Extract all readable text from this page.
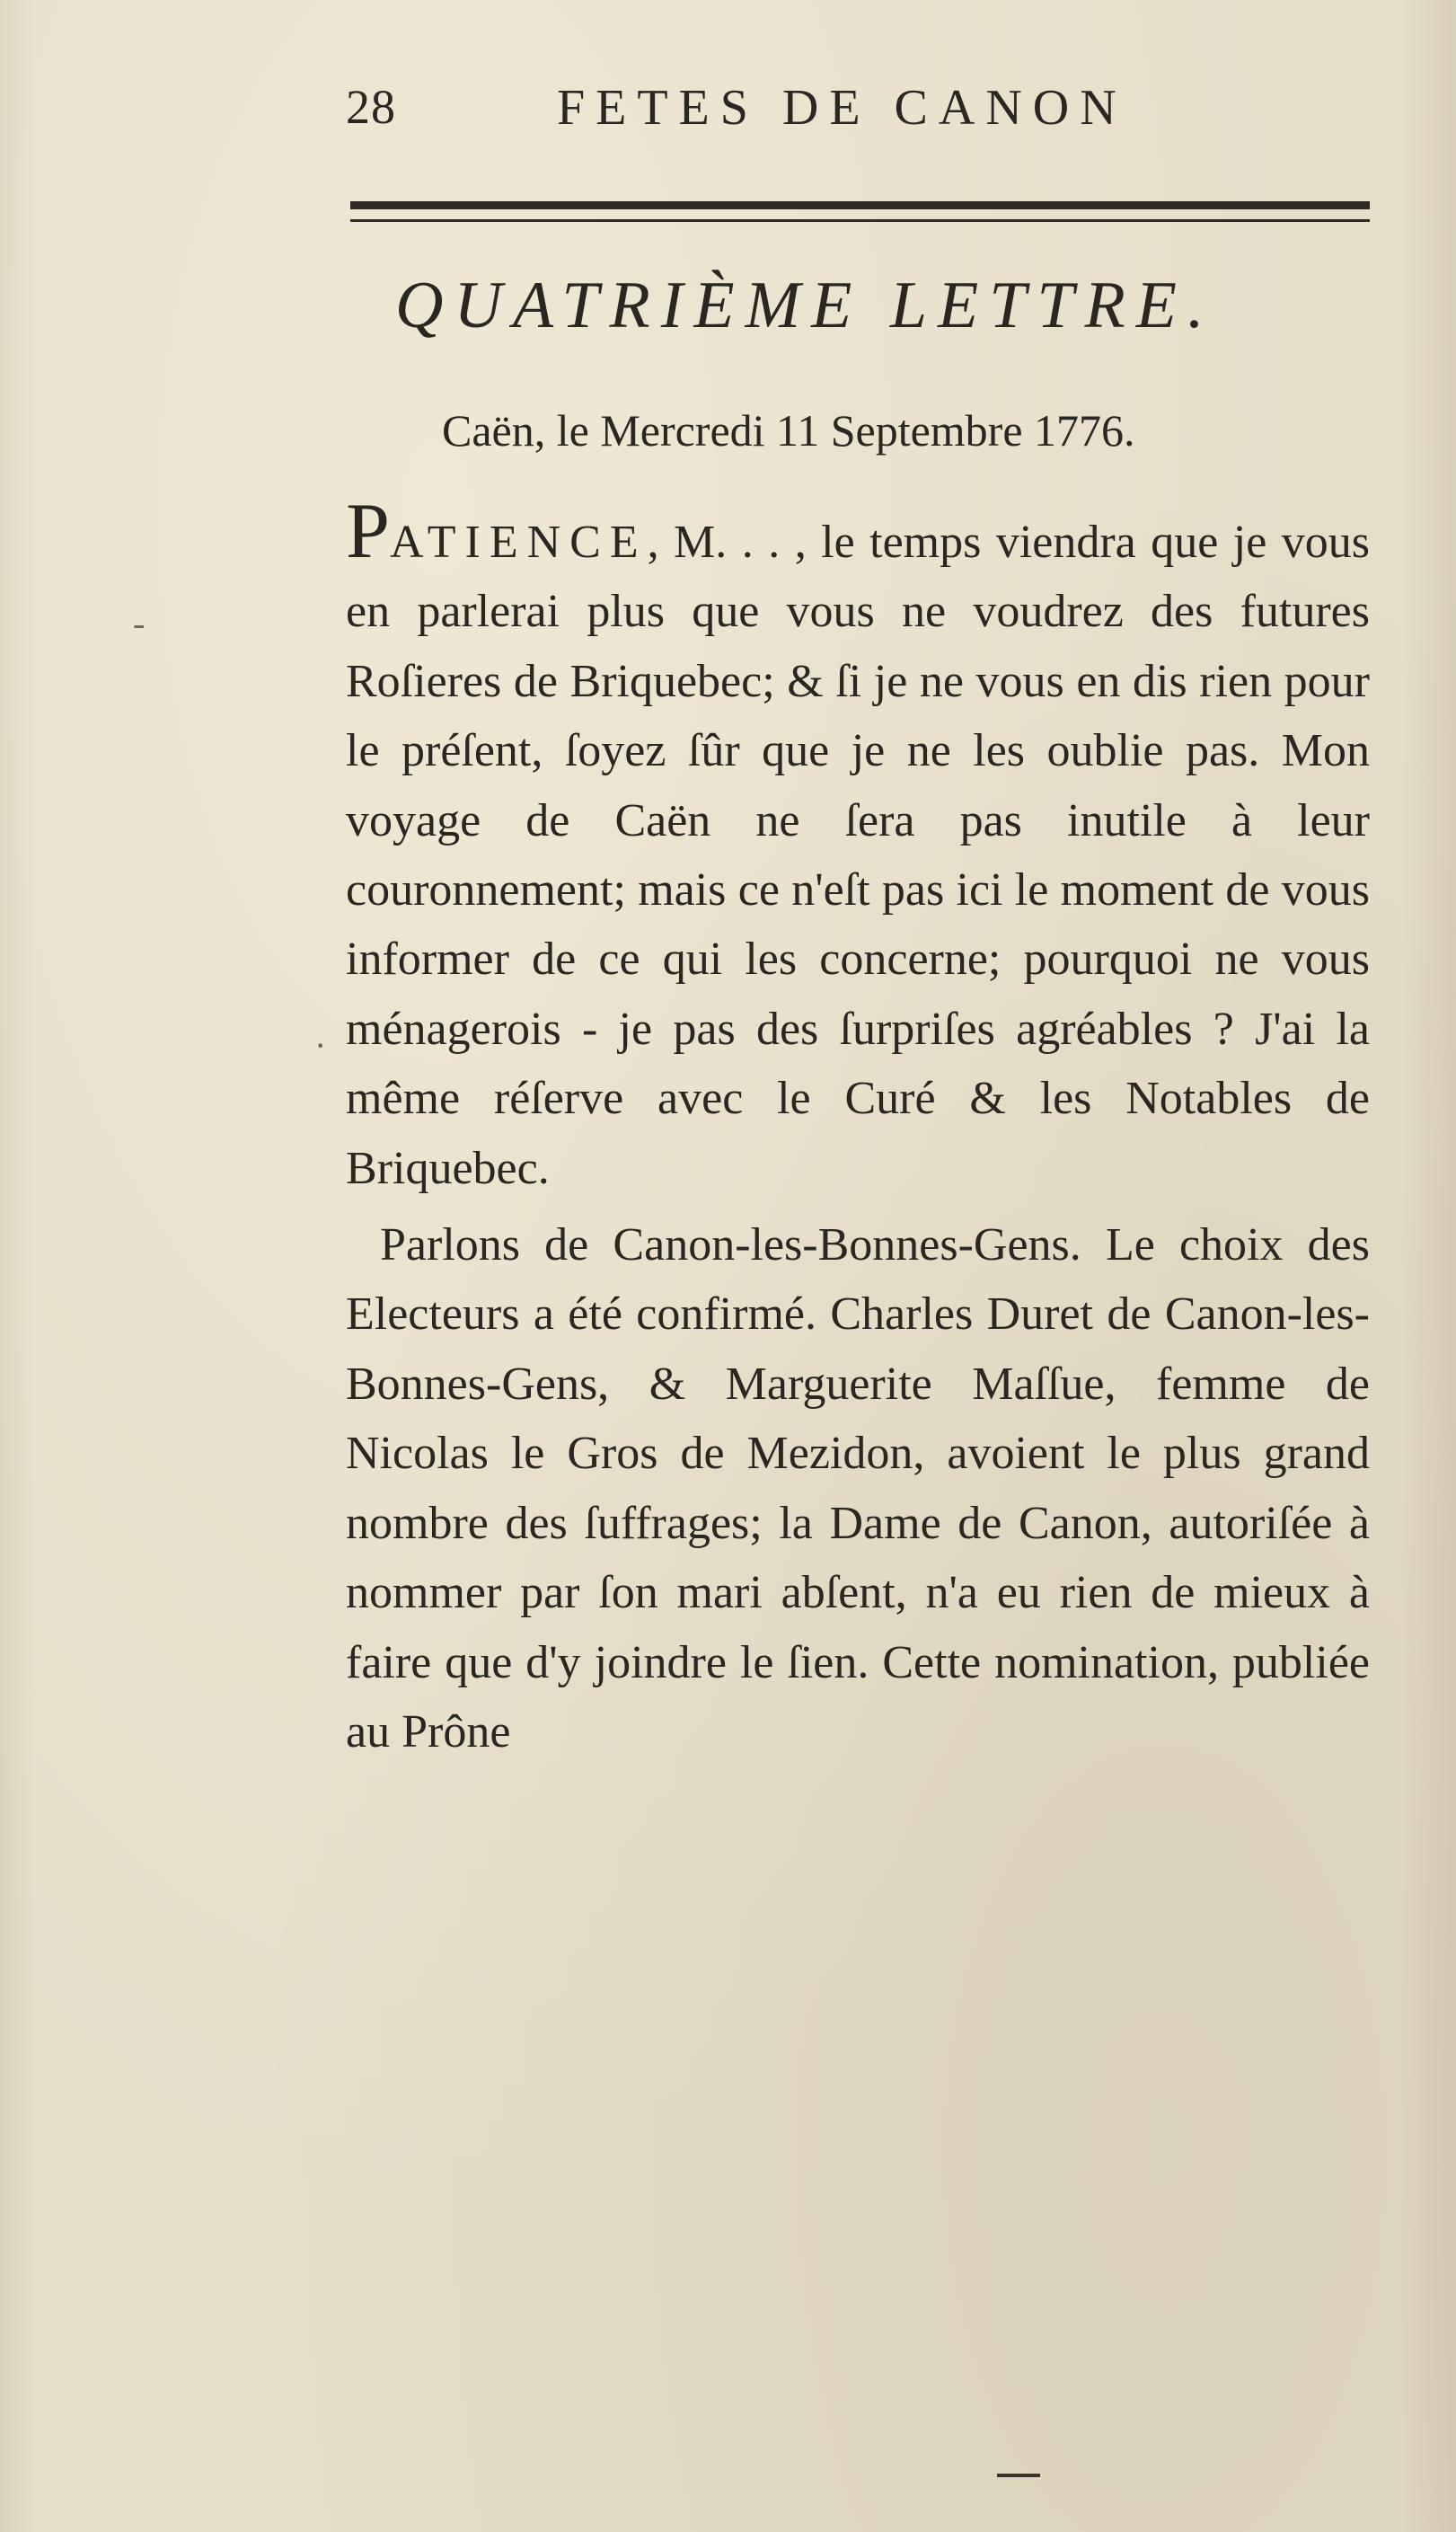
28	FETES DE CANON
QUATRIÈME LETTRE.
Caën, le Mercredi 11 Septembre 1776.

PATIENCE, M. . . , le temps viendra que je vous en parlerai plus que vous ne voudrez des futures Roſieres de Briquebec; & ſi je ne vous en dis rien pour le préſent, ſoyez ſûr que je ne les oublie pas. Mon voyage de Caën ne ſera pas inutile à leur couronnement; mais ce n'eſt pas ici le moment de vous informer de ce qui les concerne; pourquoi ne vous ménagerois - je pas des ſurpriſes agréables ? J'ai la même réſerve avec le Curé & les Notables de Briquebec.

Parlons de Canon-les-Bonnes-Gens. Le choix des Electeurs a été confirmé. Charles Duret de Canon-les-Bonnes-Gens, & Marguerite Maſſue, femme de Nicolas le Gros de Mezidon, avoient le plus grand nombre des ſuffrages; la Dame de Canon, autoriſée à nommer par ſon mari abſent, n'a eu rien de mieux à faire que d'y joindre le ſien. Cette nomination, publiée au Prône

-
·
